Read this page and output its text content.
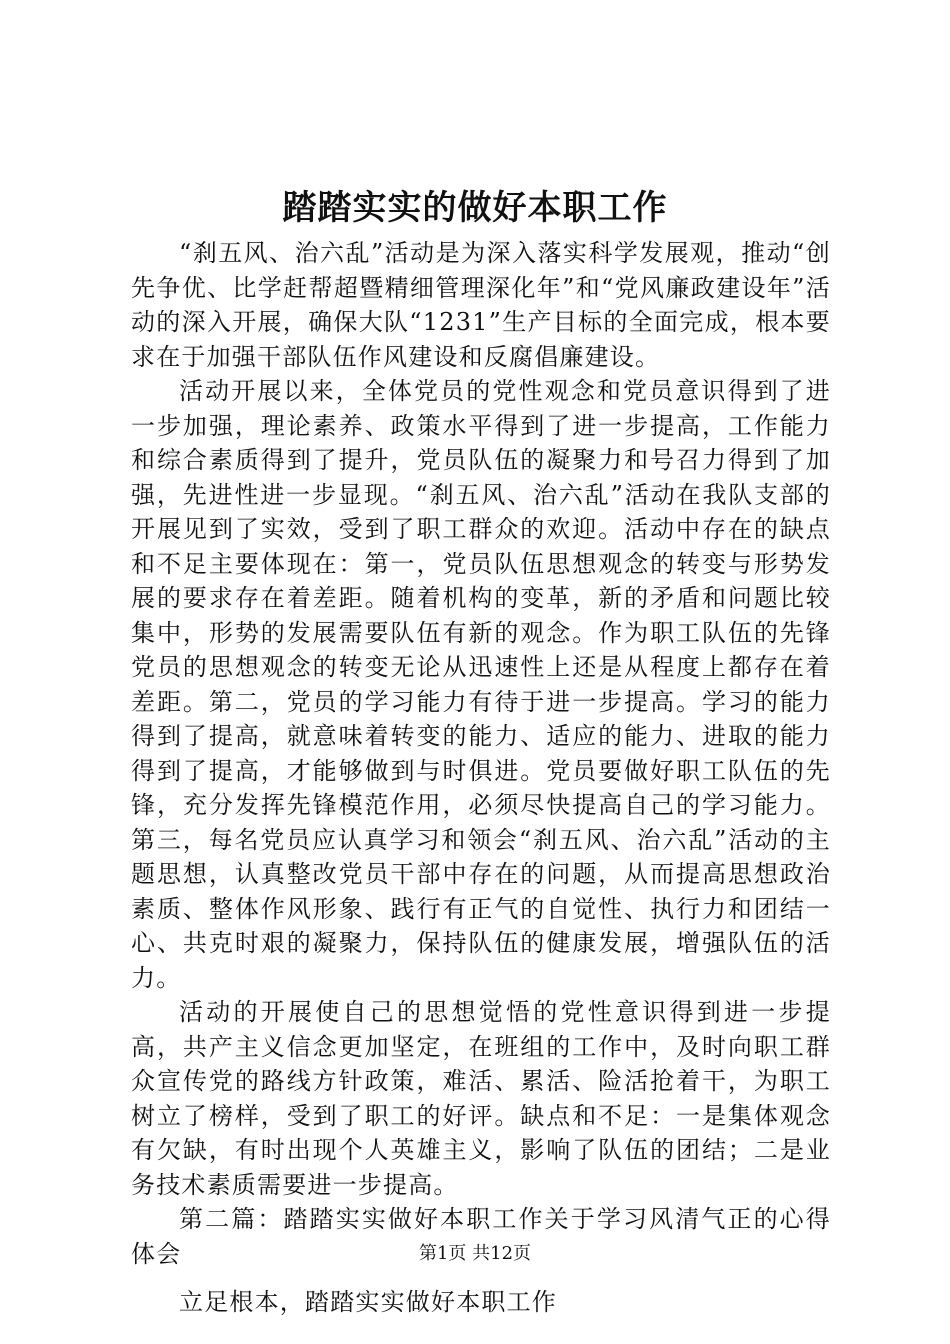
踏踏实实的做好本职工作

“刹五风、治六乱”活动是为深入落实科学发展观，推动“创先争优、比学赶帮超暨精细管理深化年”和“党风廉政建设年”活动的深入开展，确保大队“1231”生产目标的全面完成，根本要求在于加强干部队伍作风建设和反腐倡廉建设。

活动开展以来，全体党员的党性观念和党员意识得到了进一步加强，理论素养、政策水平得到了进一步提高，工作能力和综合素质得到了提升，党员队伍的凝聚力和号召力得到了加强，先进性进一步显现。“刹五风、治六乱”活动在我队支部的开展见到了实效，受到了职工群众的欢迎。活动中存在的缺点和不足主要体现在：第一，党员队伍思想观念的转变与形势发展的要求存在着差距。随着机构的变革，新的矛盾和问题比较集中，形势的发展需要队伍有新的观念。作为职工队伍的先锋党员的思想观念的转变无论从迅速性上还是从程度上都存在着差距。第二，党员的学习能力有待于进一步提高。学习的能力得到了提高，就意味着转变的能力、适应的能力、进取的能力得到了提高，才能够做到与时俱进。党员要做好职工队伍的先锋，充分发挥先锋模范作用，必须尽快提高自己的学习能力。第三，每名党员应认真学习和领会“刹五风、治六乱”活动的主题思想，认真整改党员干部中存在的问题，从而提高思想政治素质、整体作风形象、践行有正气的自觉性、执行力和团结一心、共克时艰的凝聚力，保持队伍的健康发展，增强队伍的活力。

活动的开展使自己的思想觉悟的党性意识得到进一步提高，共产主义信念更加坚定，在班组的工作中，及时向职工群众宣传党的路线方针政策，难活、累活、险活抢着干，为职工树立了榜样，受到了职工的好评。缺点和不足：一是集体观念有欠缺，有时出现个人英雄主义，影响了队伍的团结；二是业务技术素质需要进一步提高。

第二篇：踏踏实实做好本职工作关于学习风清气正的心得体会

立足根本，踏踏实实做好本职工作

第1页 共12页
